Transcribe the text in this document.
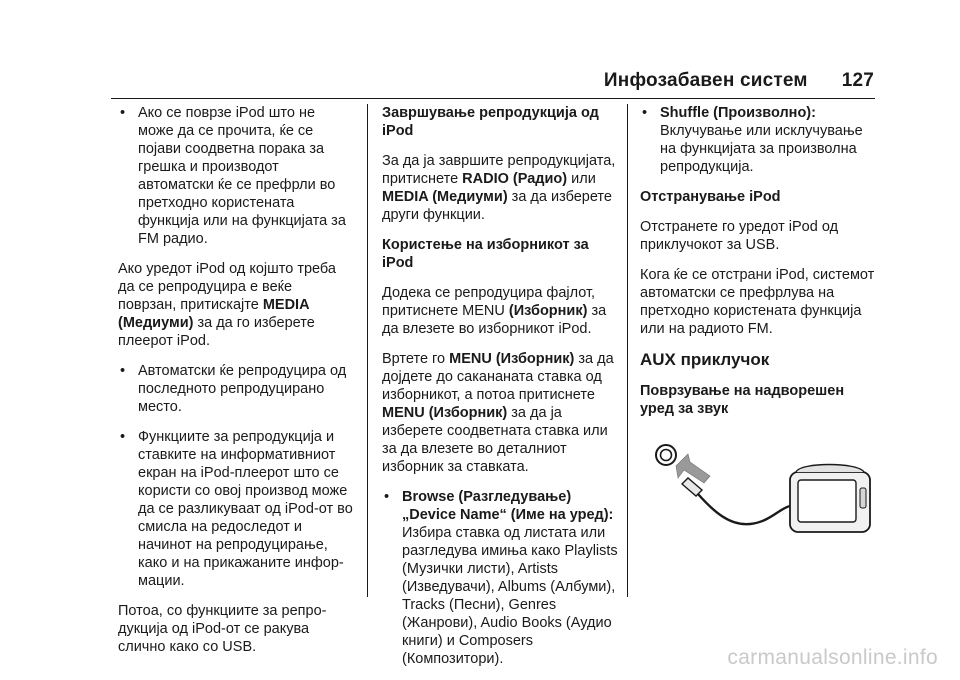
Инфозабавен систем 127
• Ако се поврзе iPod што не може да се прочита, ќе се појави соодветна порака за грешка и производот автоматски ќе се префрли во претходно користената функција или на функцијата за FM радио.

Ако уредот iPod од којшто треба да се репродуцира е веќе поврзан, притискајте MEDIA (Медиуми) за да го изберете плеерот iPod.

• Автоматски ќе репродуцира од последното репродуцирано место.
• Функциите за репродукција и ставките на информативниот екран на iPod-плеерот што се користи со овој производ може да се разликуваат од iPod-от во смисла на редоследот и начинот на репродуцирање, како и на прикажаните инфор-мации.

Потоа, со функциите за репро-дукција од iPod-от се ракува слично како со USB.

Завршување репродукција од iPod

За да ја завршите репродукцијата, притиснете RADIO (Радио) или MEDIA (Медиуми) за да изберете други функции.

Користење на изборникот за iPod

Додека се репродуцира фајлот, притиснете MENU (Изборник) за да влезете во изборникот iPod.

Вртете го MENU (Изборник) за да дојдете до сакананата ставка од изборникот, а потоа притиснете MENU (Изборник) за да ја изберете соодветната ставка или за да влезете во деталниот изборник за ставката.

• Browse (Разгледување) „Device Name“ (Име на уред): Избира ставка од листата или разгледува имиња како Playlists (Музички листи), Artists (Изведувачи), Albums (Албуми), Tracks (Песни), Genres (Жанрови), Audio Books (Аудио книги) и Composers (Композитори).
• Shuffle (Произволно): Вклучување или исклучување на функцијата за произволна репродукција.
Отстранување iPod

Отстранете го уредот iPod од приклучокот за USB.

Кога ќе се отстрани iPod, системот автоматски се префрлува на претходно користената функција или на радиото FM.

AUX приклучок
Поврзување на надворешен уред за звук
carmanualsonline.info
